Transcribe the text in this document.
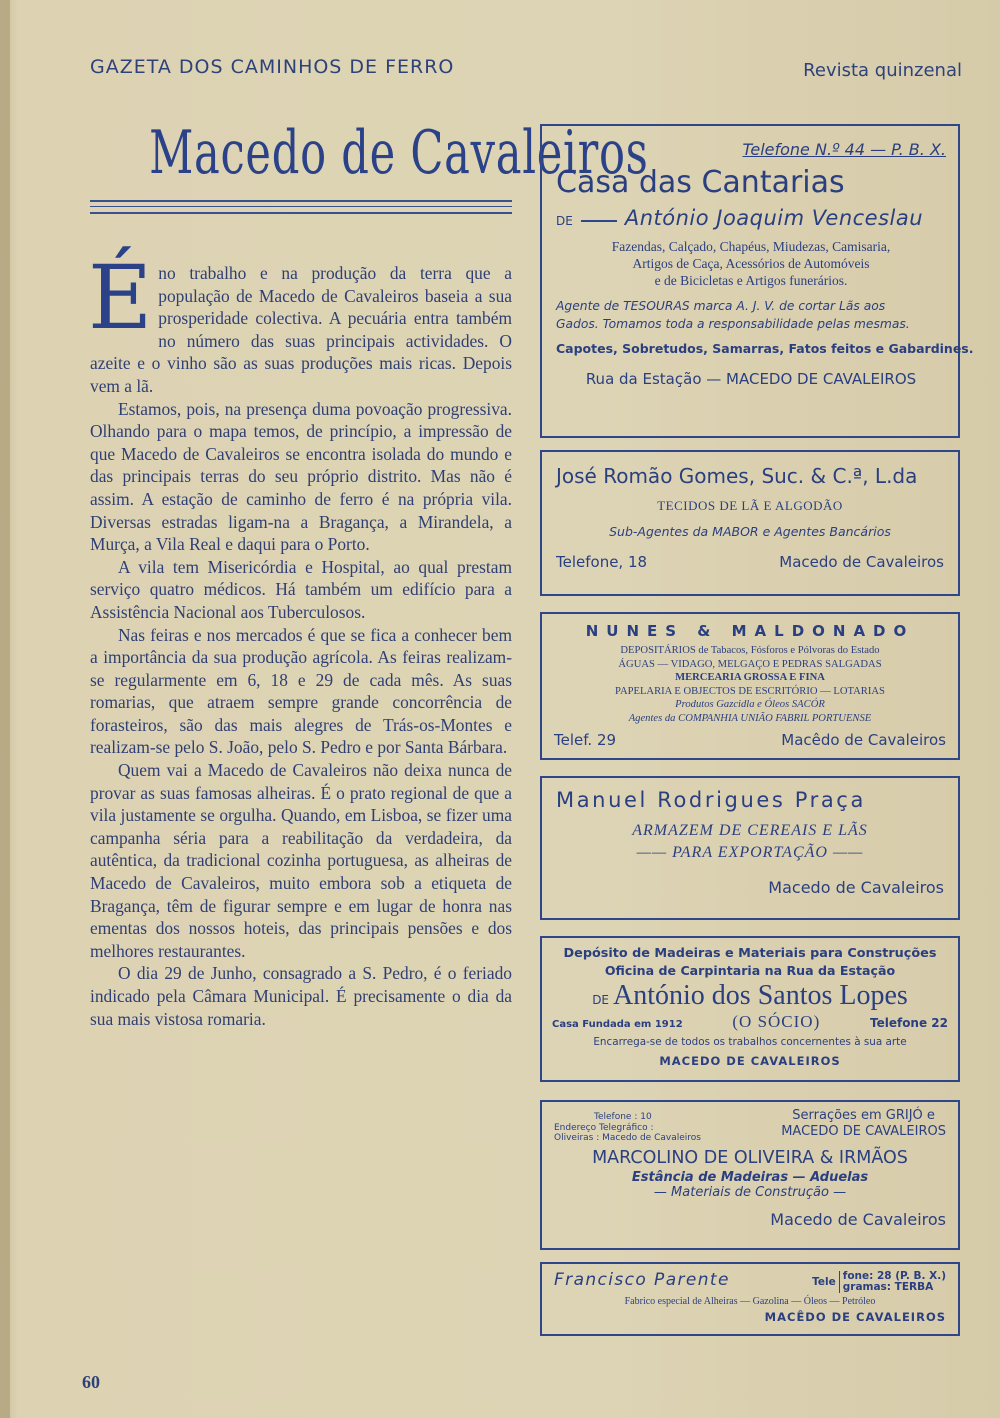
GAZETA DOS CAMINHOS DE FERRO	Revista quinzenal
Macedo de Cavaleiros

É no trabalho e na produção da terra que a população de Macedo de Cavaleiros baseia a sua prosperidade colectiva. A pecuária entra também no número das suas principais actividades. O azeite e o vinho são as suas produções mais ricas. Depois vem a lã.

Estamos, pois, na presença duma povoação progressiva. Olhando para o mapa temos, de princípio, a impressão de que Macedo de Cavaleiros se encontra isolada do mundo e das principais terras do seu próprio distrito. Mas não é assim. A estação de caminho de ferro é na própria vila. Diversas estradas ligam-na a Bragança, a Mirandela, a Murça, a Vila Real e daqui para o Porto.

A vila tem Misericórdia e Hospital, ao qual prestam serviço quatro médicos. Há também um edifício para a Assistência Nacional aos Tuberculosos.

Nas feiras e nos mercados é que se fica a conhecer bem a importância da sua produção agrícola. As feiras realizam-se regularmente em 6, 18 e 29 de cada mês. As suas romarias, que atraem sempre grande concorrência de forasteiros, são das mais alegres de Trás-os-Montes e realizam-se pelo S. João, pelo S. Pedro e por Santa Bárbara.

Quem vai a Macedo de Cavaleiros não deixa nunca de provar as suas famosas alheiras. É o prato regional de que a vila justamente se orgulha. Quando, em Lisboa, se fizer uma campanha séria para a reabilitação da verdadeira, da autêntica, da tradicional cozinha portuguesa, as alheiras de Macedo de Cavaleiros, muito embora sob a etiqueta de Bragança, têm de figurar sempre e em lugar de honra nas ementas dos nossos hoteis, das principais pensões e dos melhores restaurantes.

O dia 29 de Junho, consagrado a S. Pedro, é o feriado indicado pela Câmara Municipal. É precisamente o dia da sua mais vistosa romaria.

60
Telefone N.º 44 — P. B. X.
Casa das Cantarias
DE António Joaquim Venceslau
Fazendas, Calçado, Chapéus, Miudezas, Camisaria,
Artigos de Caça, Acessórios de Automóveis
e de Bicicletas e Artigos funerários.
Agente de TESOURAS marca A. J. V. de cortar Lãs aos
Gados. Tomamos toda a responsabilidade pelas mesmas.
Capotes, Sobretudos, Samarras, Fatos feitos e Gabardines.
Rua da Estação — MACEDO DE CAVALEIROS
José Romão Gomes, Suc. & C.ª, L.da
TECIDOS DE LÃ E ALGODÃO
Sub-Agentes da MABOR e Agentes Bancários
Telefone, 18	Macedo de Cavaleiros
NUNES & MALDONADO
DEPOSITÁRIOS de Tabacos, Fósforos e Pólvoras do Estado
ÁGUAS — VIDAGO, MELGAÇO E PEDRAS SALGADAS
MERCEARIA GROSSA E FINA
PAPELARIA E OBJECTOS DE ESCRITÓRIO — LOTARIAS
Produtos Gazcidla e Óleos SACÓR
Agentes da COMPANHIA UNIÃO FABRIL PORTUENSE
Telef. 29	Macêdo de Cavaleiros
Manuel Rodrigues Praça
ARMAZEM DE CEREAIS E LÃS
—— PARA EXPORTAÇÃO ——
Macedo de Cavaleiros
Depósito de Madeiras e Materiais para Construções
Oficina de Carpintaria na Rua da Estação
DE António dos Santos Lopes
Casa Fundada em 1912	(O SÓCIO)	Telefone 22
Encarrega-se de todos os trabalhos concernentes à sua arte
MACEDO DE CAVALEIROS
Telefone : 10
Endereço Telegráfico :
Oliveiras : Macedo de Cavaleiros
Serrações em GRIJÓ e
MACEDO DE CAVALEIROS
MARCOLINO DE OLIVEIRA & IRMÃOS
Estância de Madeiras — Aduelas
— Materiais de Construção —
Macedo de Cavaleiros
Francisco Parente	Tele fone: 28 (P. B. X.)
gramas: TERBA
Fabrico especial de Alheiras — Gazolina — Óleos — Petróleo
MACÊDO DE CAVALEIROS
